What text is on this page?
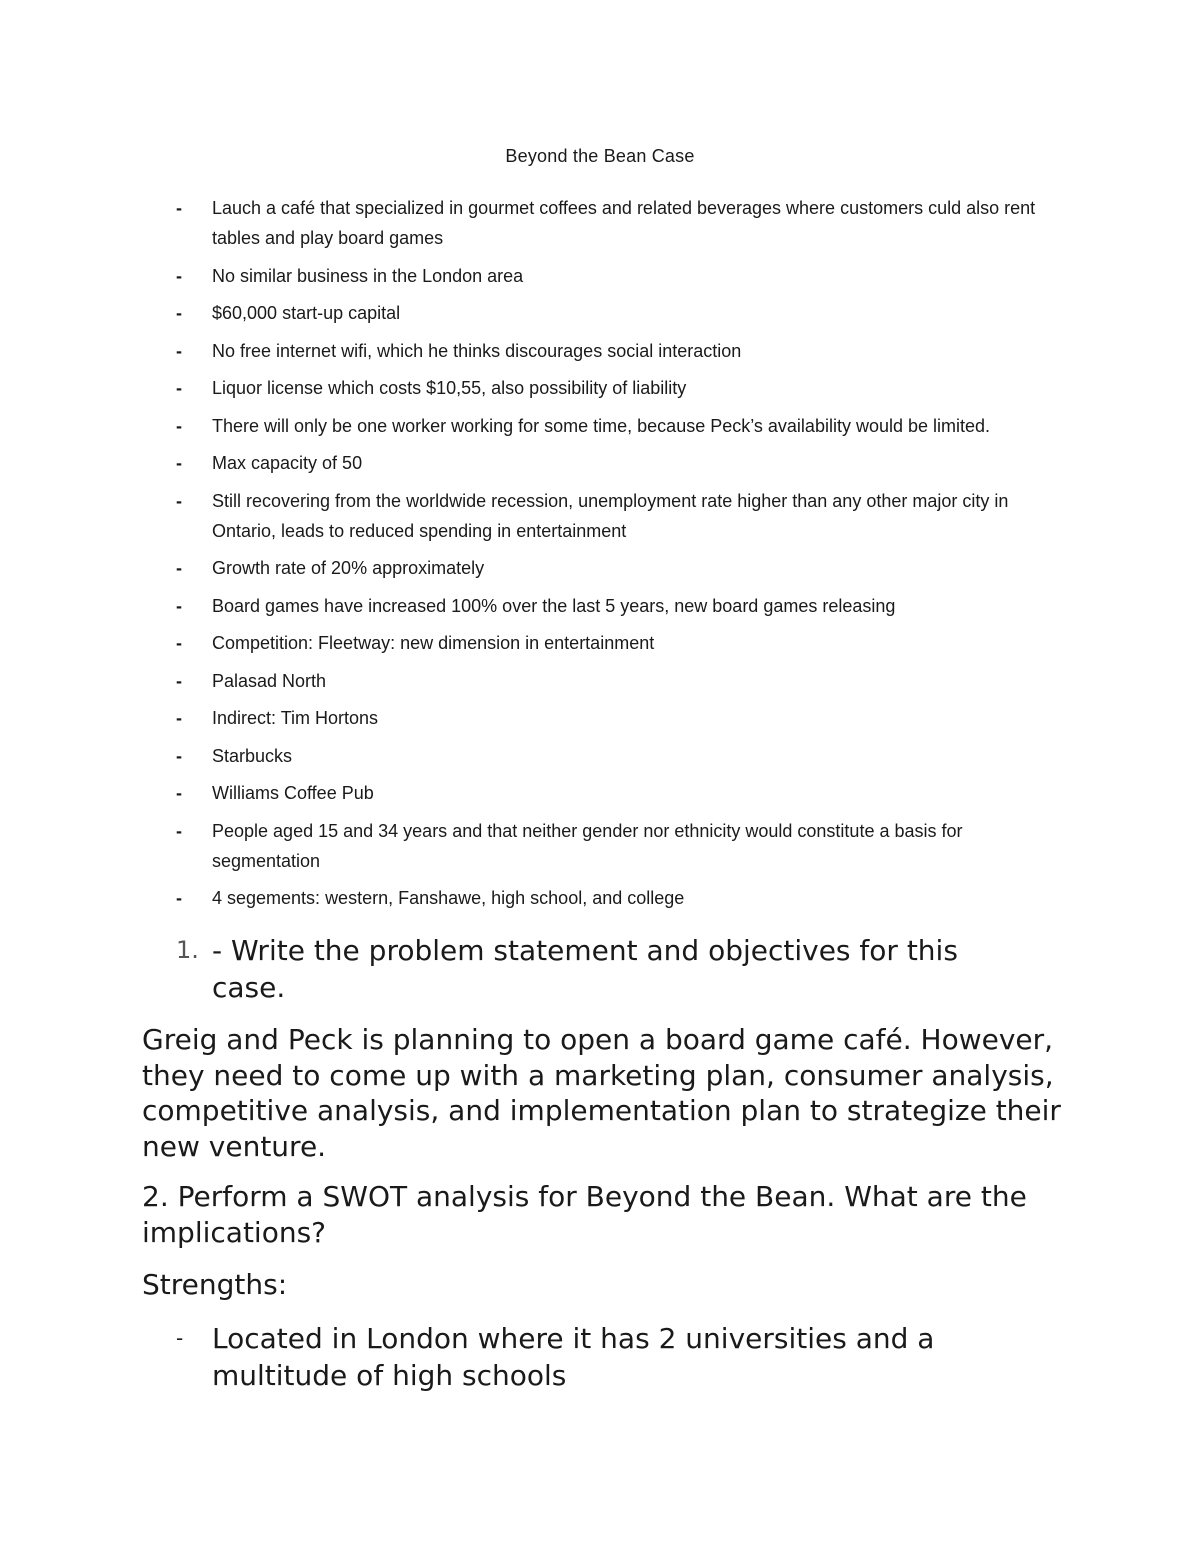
Beyond the Bean Case
- Lauch a café that specialized in gourmet coffees and related beverages where customers culd also rent tables and play board games
- No similar business in the London area
- $60,000 start-up capital
- No free internet wifi, which he thinks discourages social interaction
- Liquor license which costs $10,55, also possibility of liability
- There will only be one worker working for some time, because Peck’s availability would be limited.
- Max capacity of 50
- Still recovering from the worldwide recession, unemployment rate higher than any other major city in Ontario, leads to reduced spending in entertainment
- Growth rate of 20% approximately
- Board games have increased 100% over the last 5 years, new board games releasing
- Competition: Fleetway: new dimension in entertainment
- Palasad North
- Indirect: Tim Hortons
- Starbucks
- Williams Coffee Pub
- People aged 15 and 34 years and that neither gender nor ethnicity would constitute a basis for segmentation
- 4 segements: western, Fanshawe, high school, and college
1. - Write the problem statement and objectives for this case.

Greig and Peck is planning to open a board game café. However, they need to come up with a marketing plan, consumer analysis, competitive analysis, and implementation plan to strategize their new venture.

2. Perform a SWOT analysis for Beyond the Bean. What are the implications?

Strengths:

- Located in London where it has 2 universities and a multitude of high schools
